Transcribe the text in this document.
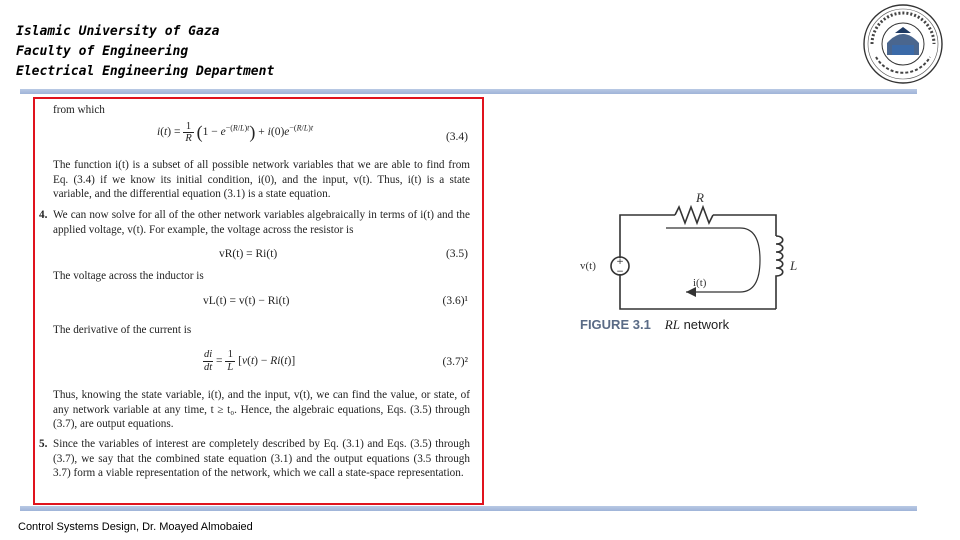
Islamic University of Gaza
Faculty of Engineering
Electrical Engineering Department
from which
i(t) = 1
R $(1 - e^{-(R/L)t}) + i(0)e^{-(R/L)t}$
(3.4)
The function i(t) is a subset of all possible network variables that we are able to find from Eq. (3.4) if we know its initial condition, i(0), and the input, v(t). Thus, i(t) is a state variable, and the differential equation (3.1) is a state equation.
4. We can now solve for all of the other network variables algebraically in terms of i(t) and the applied voltage, v(t). For example, the voltage across the resistor is
vR(t) = Ri(t)	(3.5)
The voltage across the inductor is
vL(t) = v(t) − Ri(t)	(3.6)¹
The derivative of the current is
$\frac{di}{dt} = 1$
L [v(t) − Ri(t)]	(3.7)²
Thus, knowing the state variable, i(t), and the input, v(t), we can find the value, or state, of any network variable at any time, t ≥ t₀. Hence, the algebraic equations, Eqs. (3.5) through (3.7), are output equations.
5. Since the variables of interest are completely described by Eq. (3.1) and Eqs. (3.5) through (3.7), we say that the combined state equation (3.1) and the output equations (3.5 through 3.7) form a viable representation of the network, which we call a state-space representation.
+
−
R
L
v(t)
i(t)
FIGURE 3.1 RL network
Control Systems Design, Dr. Moayed Almobaied
